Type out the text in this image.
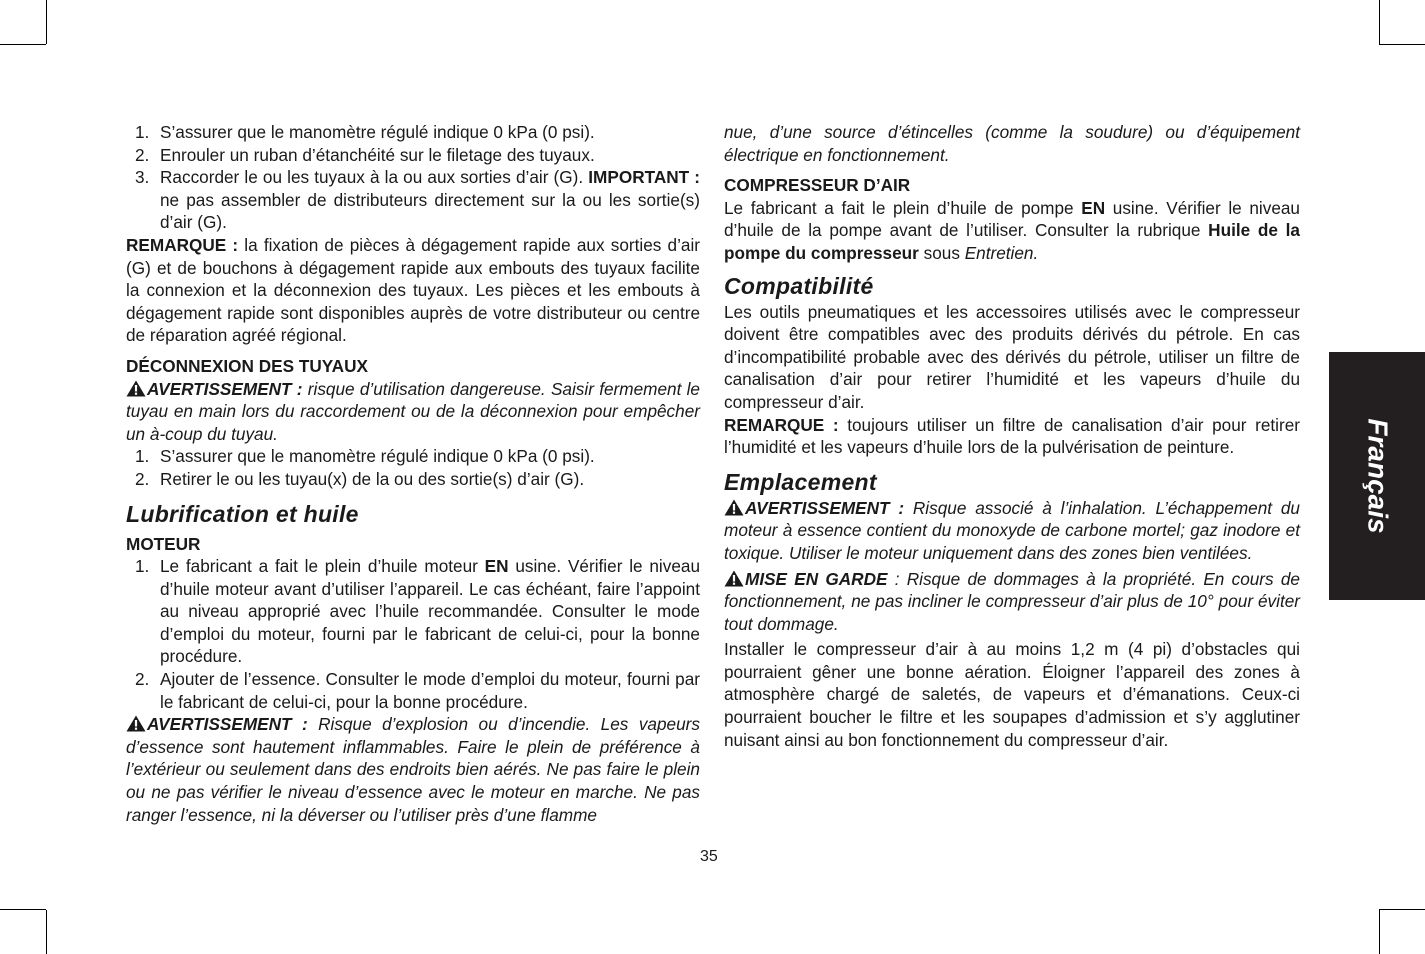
1. S’assurer que le manomètre régulé indique 0 kPa (0 psi).
2. Enrouler un ruban d’étanchéité sur le filetage des tuyaux.
3. Raccorder le ou les tuyaux à la ou aux sorties d’air (G). IMPORTANT : ne pas assembler de distributeurs directement sur la ou les sortie(s) d’air (G).

REMARQUE : la fixation de pièces à dégagement rapide aux sorties d’air (G) et de bouchons à dégagement rapide aux embouts des tuyaux facilite la connexion et la déconnexion des tuyaux. Les pièces et les embouts à dégagement rapide sont disponibles auprès de votre distributeur ou centre de réparation agréé régional.

DÉCONNEXION DES TUYAUX

AVERTISSEMENT : risque d’utilisation dangereuse. Saisir fermement le tuyau en main lors du raccordement ou de la déconnexion pour empêcher un à-coup du tuyau.

1. S’assurer que le manomètre régulé indique 0 kPa (0 psi).
2. Retirer le ou les tuyau(x) de la ou des sortie(s) d’air (G).

Lubrification et huile

MOTEUR

1. Le fabricant a fait le plein d’huile moteur EN usine. Vérifier le niveau d’huile moteur avant d’utiliser l’appareil. Le cas échéant, faire l’appoint au niveau approprié avec l’huile recommandée. Consulter le mode d’emploi du moteur, fourni par le fabricant de celui-ci, pour la bonne procédure.
2. Ajouter de l’essence. Consulter le mode d’emploi du moteur, fourni par le fabricant de celui-ci, pour la bonne procédure.

AVERTISSEMENT : Risque d’explosion ou d’incendie. Les vapeurs d’essence sont hautement inflammables. Faire le plein de préférence à l’extérieur ou seulement dans des endroits bien aérés. Ne pas faire le plein ou ne pas vérifier le niveau d’essence avec le moteur en marche. Ne pas ranger l’essence, ni la déverser ou l’utiliser près d’une flamme

nue, d’une source d’étincelles (comme la soudure) ou d’équipement électrique en fonctionnement.

COMPRESSEUR D’AIR

Le fabricant a fait le plein d’huile de pompe EN usine. Vérifier le niveau d’huile de la pompe avant de l’utiliser. Consulter la rubrique Huile de la pompe du compresseur sous Entretien.

Compatibilité

Les outils pneumatiques et les accessoires utilisés avec le compresseur doivent être compatibles avec des produits dérivés du pétrole. En cas d’incompatibilité probable avec des dérivés du pétrole, utiliser un filtre de canalisation d’air pour retirer l’humidité et les vapeurs d’huile du compresseur d’air.

REMARQUE : toujours utiliser un filtre de canalisation d’air pour retirer l’humidité et les vapeurs d’huile lors de la pulvérisation de peinture.

Emplacement

AVERTISSEMENT : Risque associé à l’inhalation. L’échappement du moteur à essence contient du monoxyde de carbone mortel; gaz inodore et toxique. Utiliser le moteur uniquement dans des zones bien ventilées.

MISE EN GARDE : Risque de dommages à la propriété. En cours de fonctionnement, ne pas incliner le compresseur d’air plus de 10° pour éviter tout dommage.

Installer le compresseur d’air à au moins 1,2 m (4 pi) d’obstacles qui pourraient gêner une bonne aération. Éloigner l’appareil des zones à atmosphère chargé de saletés, de vapeurs et d’émanations. Ceux-ci pourraient boucher le filtre et les soupapes d’admission et s’y agglutiner nuisant ainsi au bon fonctionnement du compresseur d’air.

Français
35
